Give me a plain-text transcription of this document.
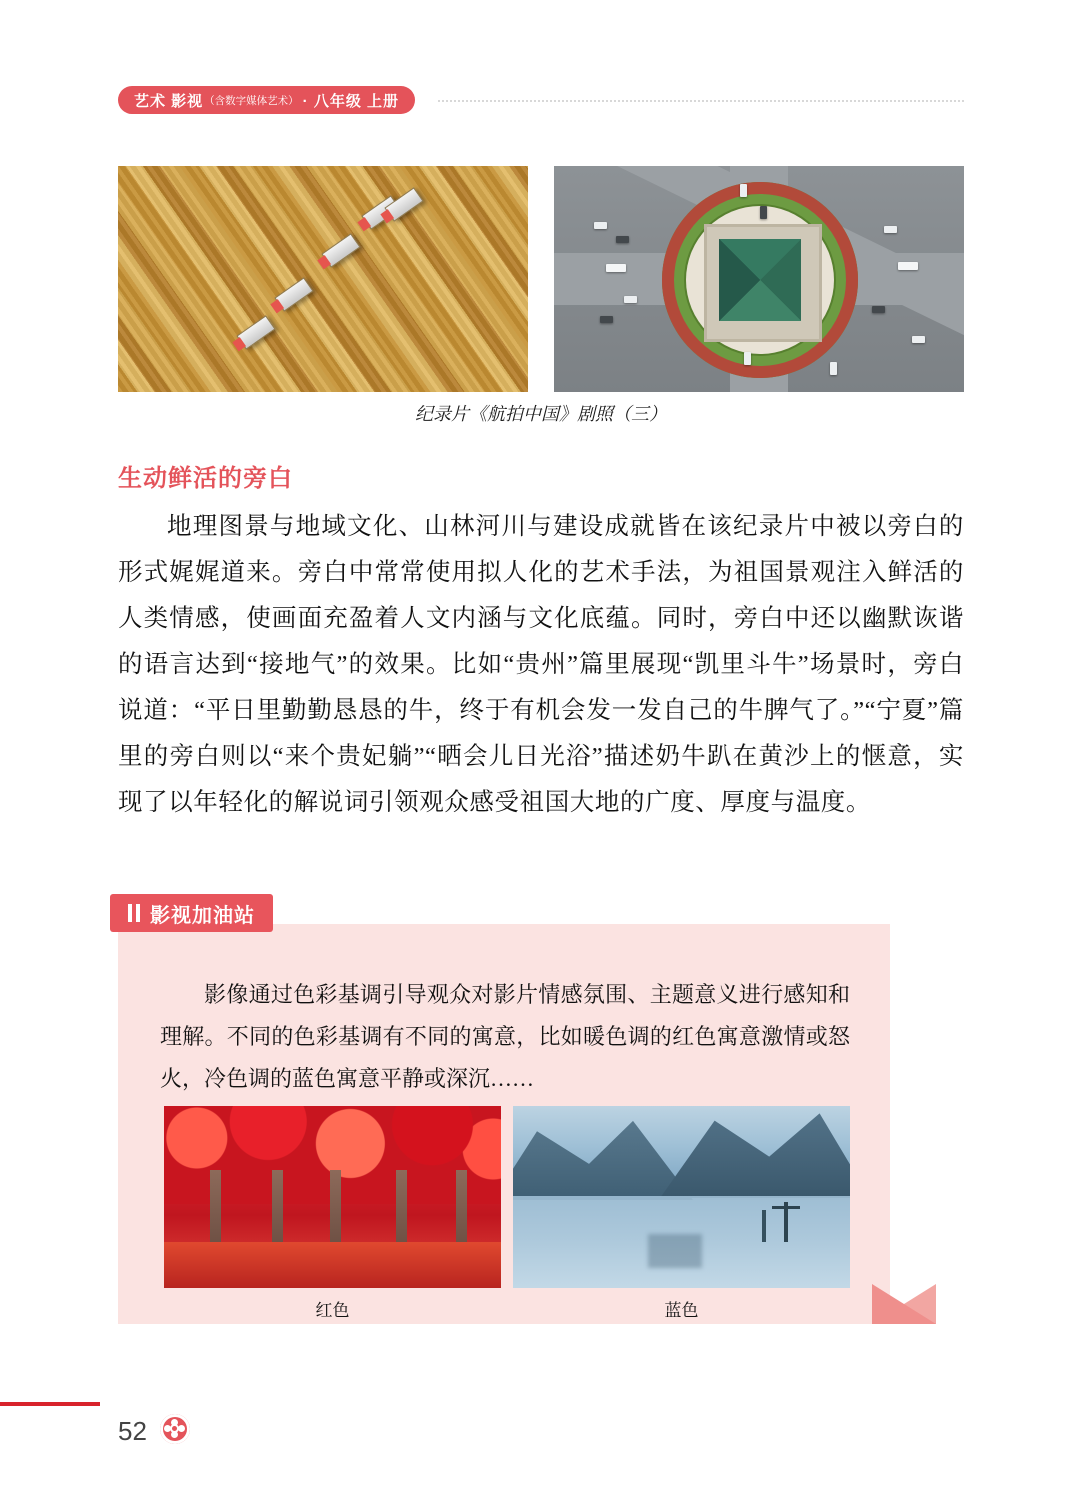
艺术 影视 （含数字媒体艺术） · 八年级 上册
纪录片《航拍中国》剧照（三）
生动鲜活的旁白
地理图景与地域文化、山林河川与建设成就皆在该纪录片中被以旁白的形式娓娓道来。旁白中常常使用拟人化的艺术手法，为祖国景观注入鲜活的人类情感，使画面充盈着人文内涵与文化底蕴。同时，旁白中还以幽默诙谐的语言达到“接地气”的效果。比如“贵州”篇里展现“凯里斗牛”场景时，旁白说道：“平日里勤勤恳恳的牛，终于有机会发一发自己的牛脾气了。”“宁夏”篇里的旁白则以“来个贵妃躺”“晒会儿日光浴”描述奶牛趴在黄沙上的惬意，实现了以年轻化的解说词引领观众感受祖国大地的广度、厚度与温度。
影视加油站
影像通过色彩基调引导观众对影片情感氛围、主题意义进行感知和理解。不同的色彩基调有不同的寓意，比如暖色调的红色寓意激情或怒火，冷色调的蓝色寓意平静或深沉……
红色	蓝色
52
